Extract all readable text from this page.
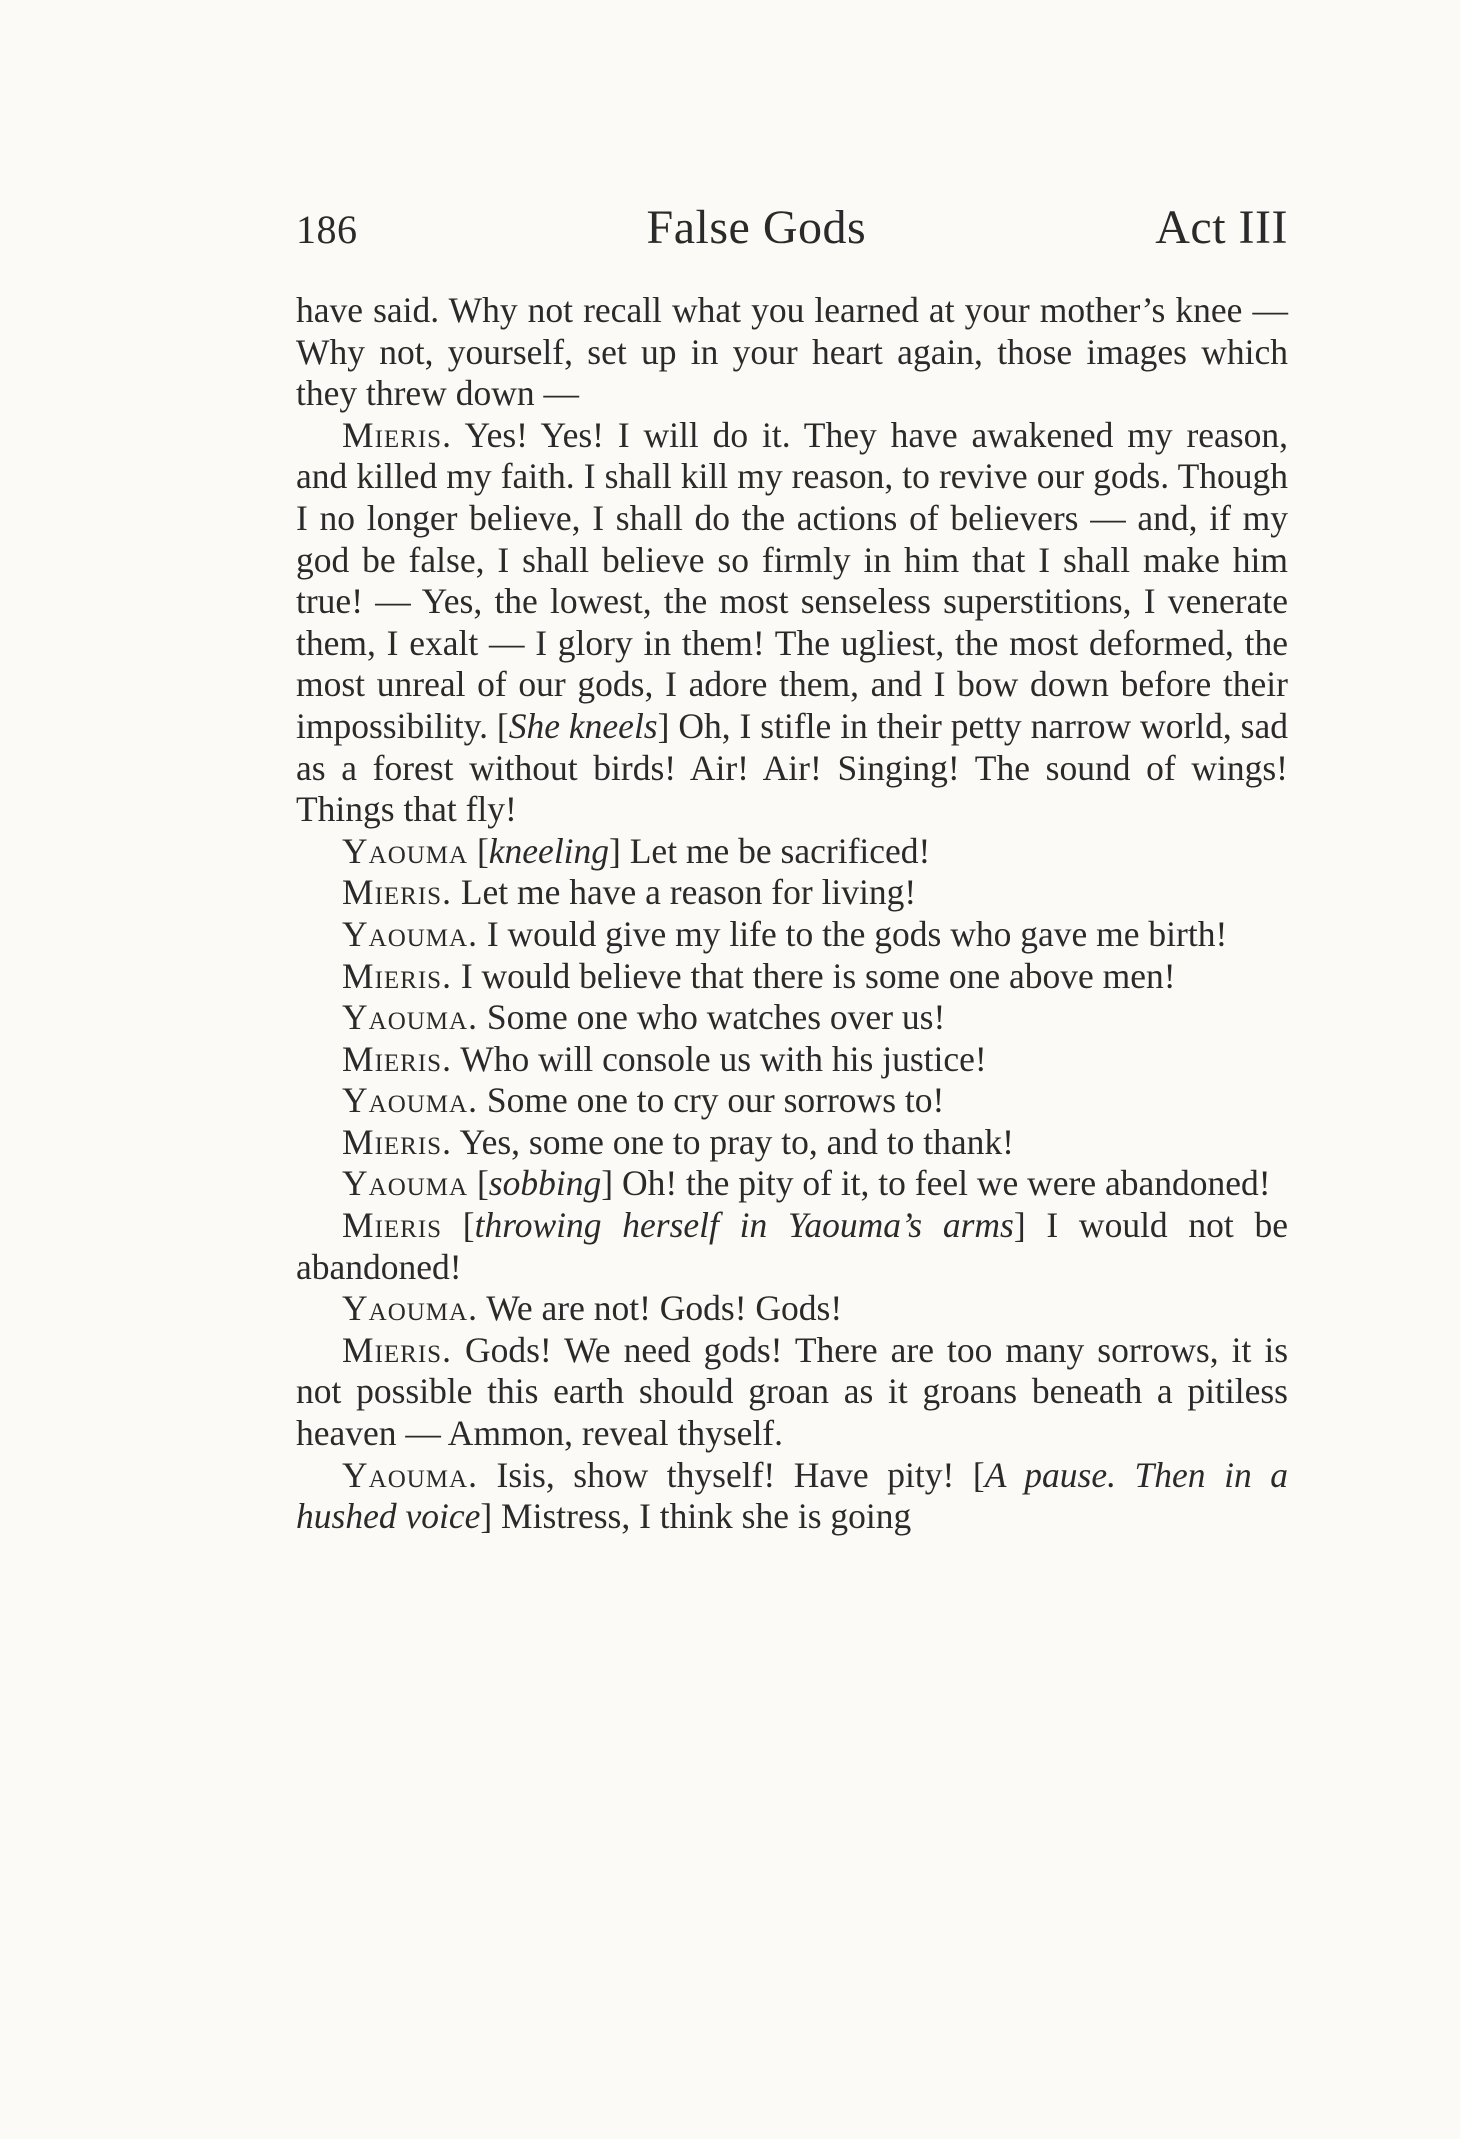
186	False Gods	Act III

have said. Why not recall what you learned at your mother’s knee — Why not, yourself, set up in your heart again, those images which they threw down —

Mieris. Yes! Yes! I will do it. They have awakened my reason, and killed my faith. I shall kill my reason, to revive our gods. Though I no longer believe, I shall do the actions of believers — and, if my god be false, I shall believe so firmly in him that I shall make him true! — Yes, the lowest, the most senseless superstitions, I venerate them, I exalt — I glory in them! The ugliest, the most deformed, the most unreal of our gods, I adore them, and I bow down before their impossibility. [She kneels] Oh, I stifle in their petty narrow world, sad as a forest without birds! Air! Air! Singing! The sound of wings! Things that fly!

Yaouma [kneeling] Let me be sacrificed!

Mieris. Let me have a reason for living!

Yaouma. I would give my life to the gods who gave me birth!

Mieris. I would believe that there is some one above men!

Yaouma. Some one who watches over us!

Mieris. Who will console us with his justice!

Yaouma. Some one to cry our sorrows to!

Mieris. Yes, some one to pray to, and to thank!

Yaouma [sobbing] Oh! the pity of it, to feel we were abandoned!

Mieris [throwing herself in Yaouma’s arms] I would not be abandoned!

Yaouma. We are not! Gods! Gods!

Mieris. Gods! We need gods! There are too many sorrows, it is not possible this earth should groan as it groans beneath a pitiless heaven — Ammon, reveal thyself.

Yaouma. Isis, show thyself! Have pity! [A pause. Then in a hushed voice] Mistress, I think she is going
